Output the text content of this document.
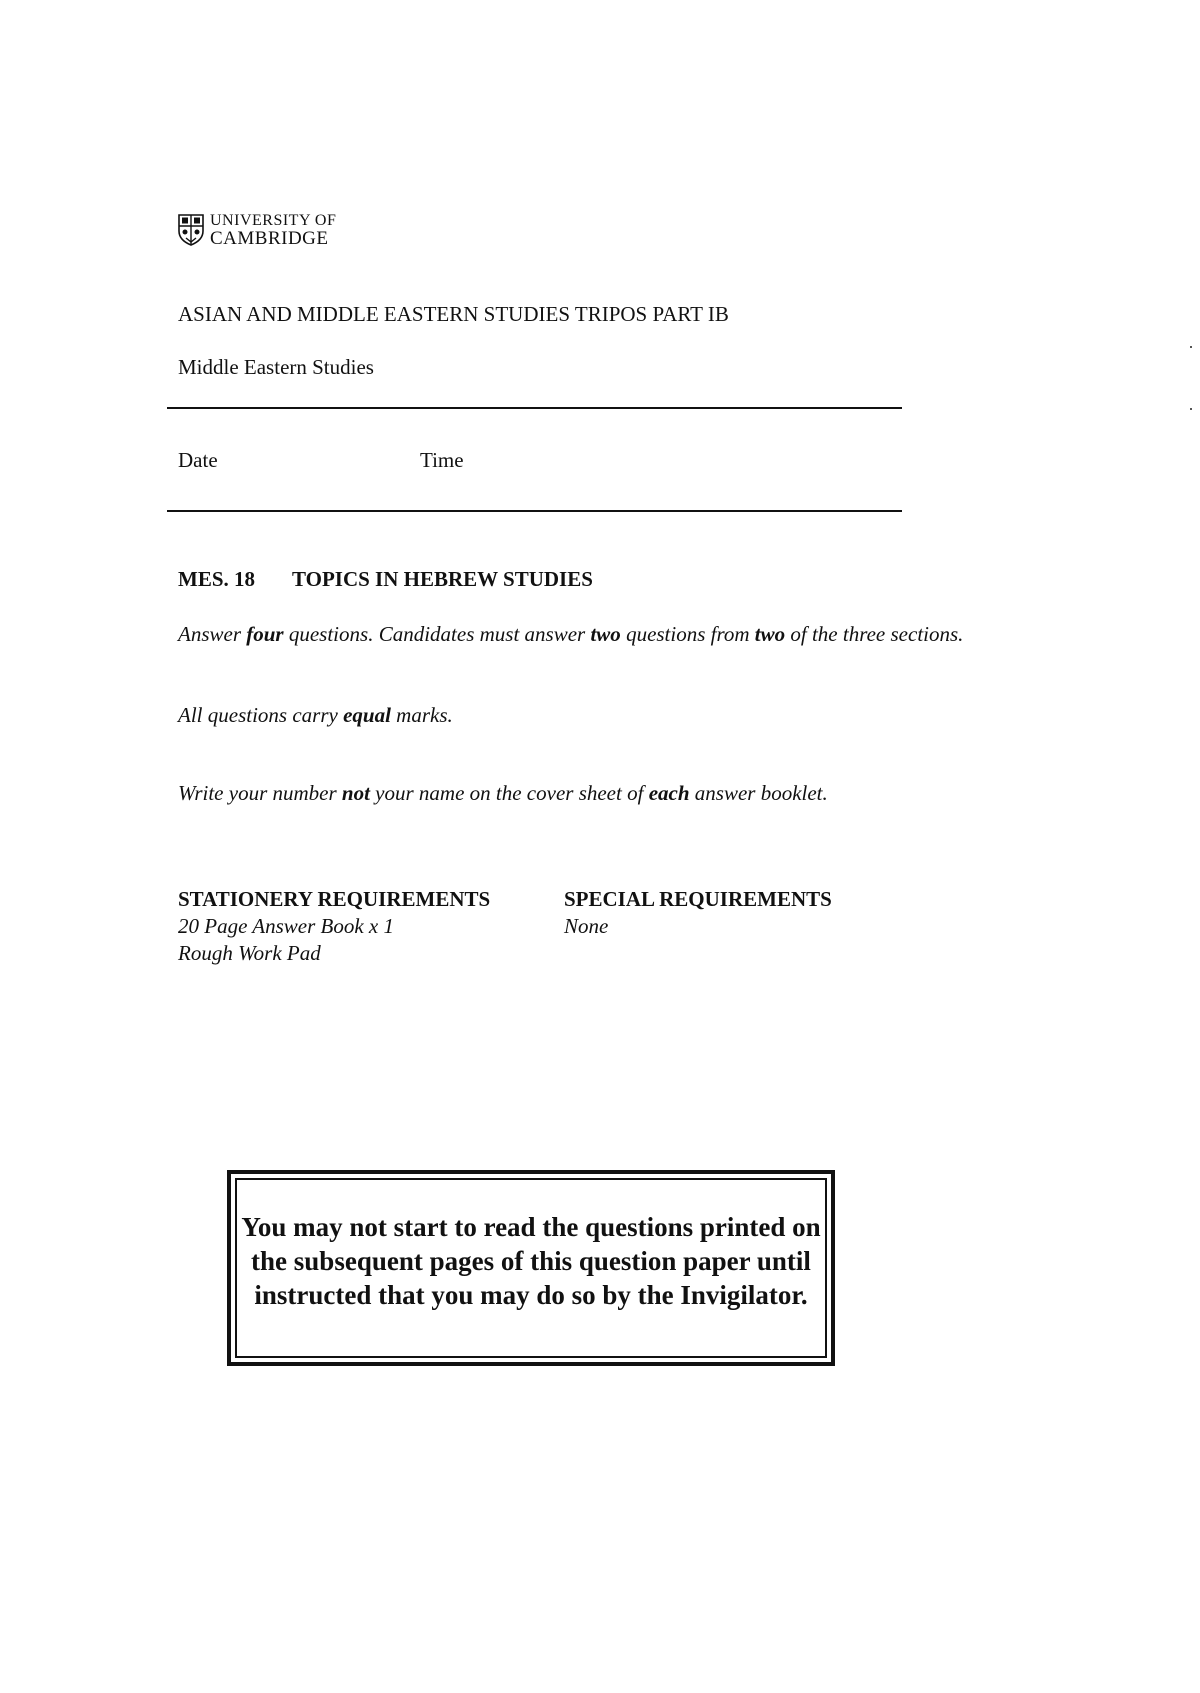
UNIVERSITY OF
CAMBRIDGE
ASIAN AND MIDDLE EASTERN STUDIES TRIPOS PART IB
Middle Eastern Studies
Date	Time
MES. 18 TOPICS IN HEBREW STUDIES
Answer four questions. Candidates must answer two questions from two of the three sections.
All questions carry equal marks.
Write your number not your name on the cover sheet of each answer booklet.
STATIONERY REQUIREMENTS
20 Page Answer Book x 1
Rough Work Pad
SPECIAL REQUIREMENTS
None
You may not start to read the questions printed on the subsequent pages of this question paper until instructed that you may do so by the Invigilator.
